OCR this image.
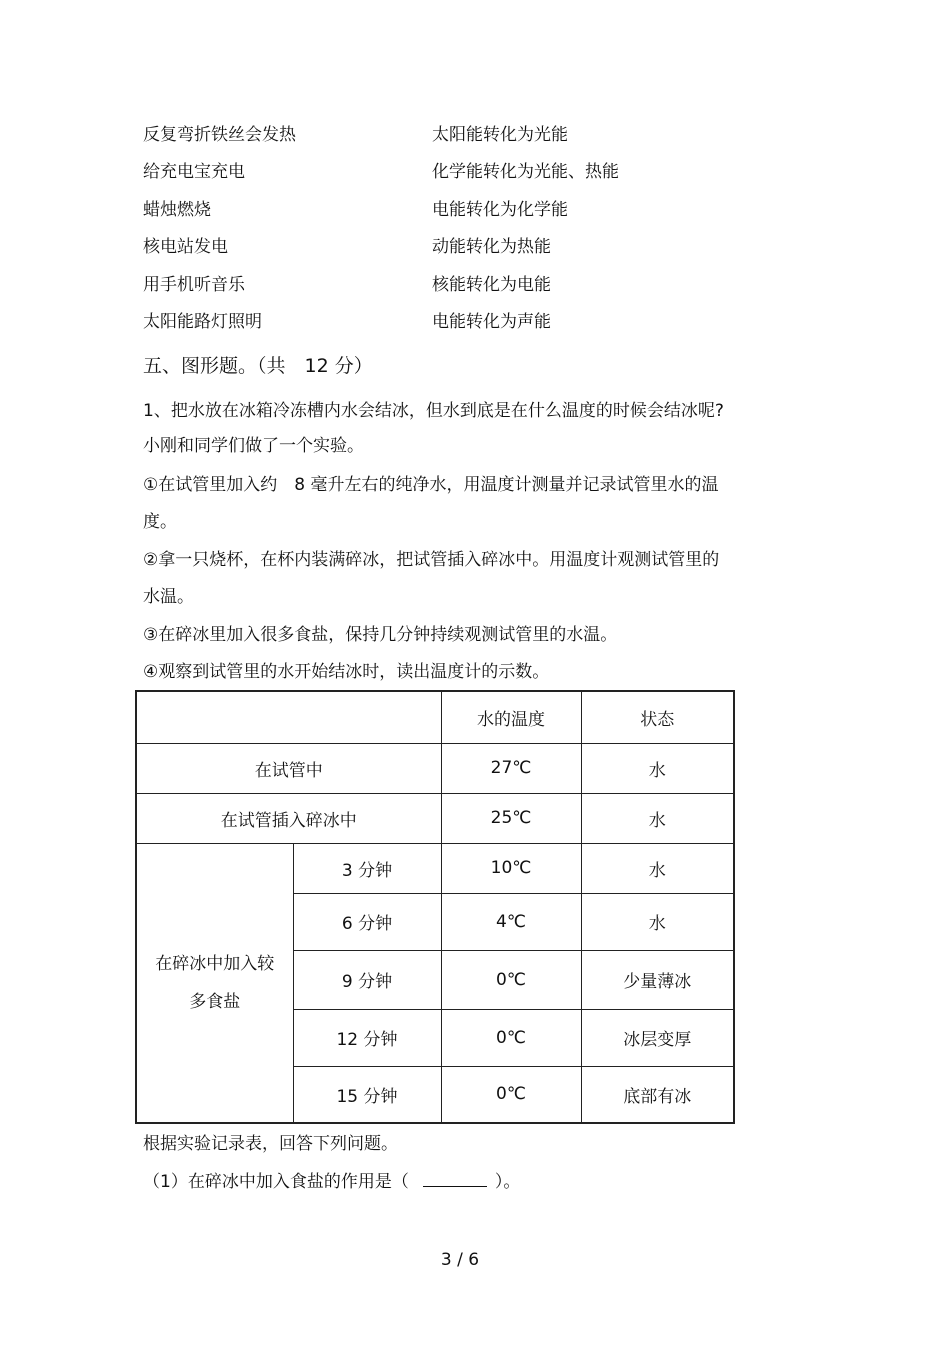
反复弯折铁丝会发热	太阳能转化为光能
给充电宝充电	化学能转化为光能、热能
蜡烛燃烧	电能转化为化学能
核电站发电	动能转化为热能
用手机听音乐	核能转化为电能
太阳能路灯照明	电能转化为声能
五、图形题。（共　12 分）
1、把水放在冰箱冷冻槽内水会结冰，但水到底是在什么温度的时候会结冰呢?
小刚和同学们做了一个实验。
①在试管里加入约　8 毫升左右的纯净水，用温度计测量并记录试管里水的温
度。
②拿一只烧杯，在杯内装满碎冰，把试管插入碎冰中。用温度计观测试管里的
水温。
③在碎冰里加入很多食盐，保持几分钟持续观测试管里的水温。
④观察到试管里的水开始结冰时，读出温度计的示数。
		水的温度	状态
在试管中		27℃	水
在试管插入碎冰中		25℃	水

在碎冰中加入较
多食盐	3 分钟	10℃	水
	6 分钟	4℃	水
	9 分钟	0℃	少量薄冰
	12 分钟	0℃	冰层变厚
	15 分钟	0℃	底部有冰
根据实验记录表，回答下列问题。
（1）在碎冰中加入食盐的作用是（	）。
3 / 6
